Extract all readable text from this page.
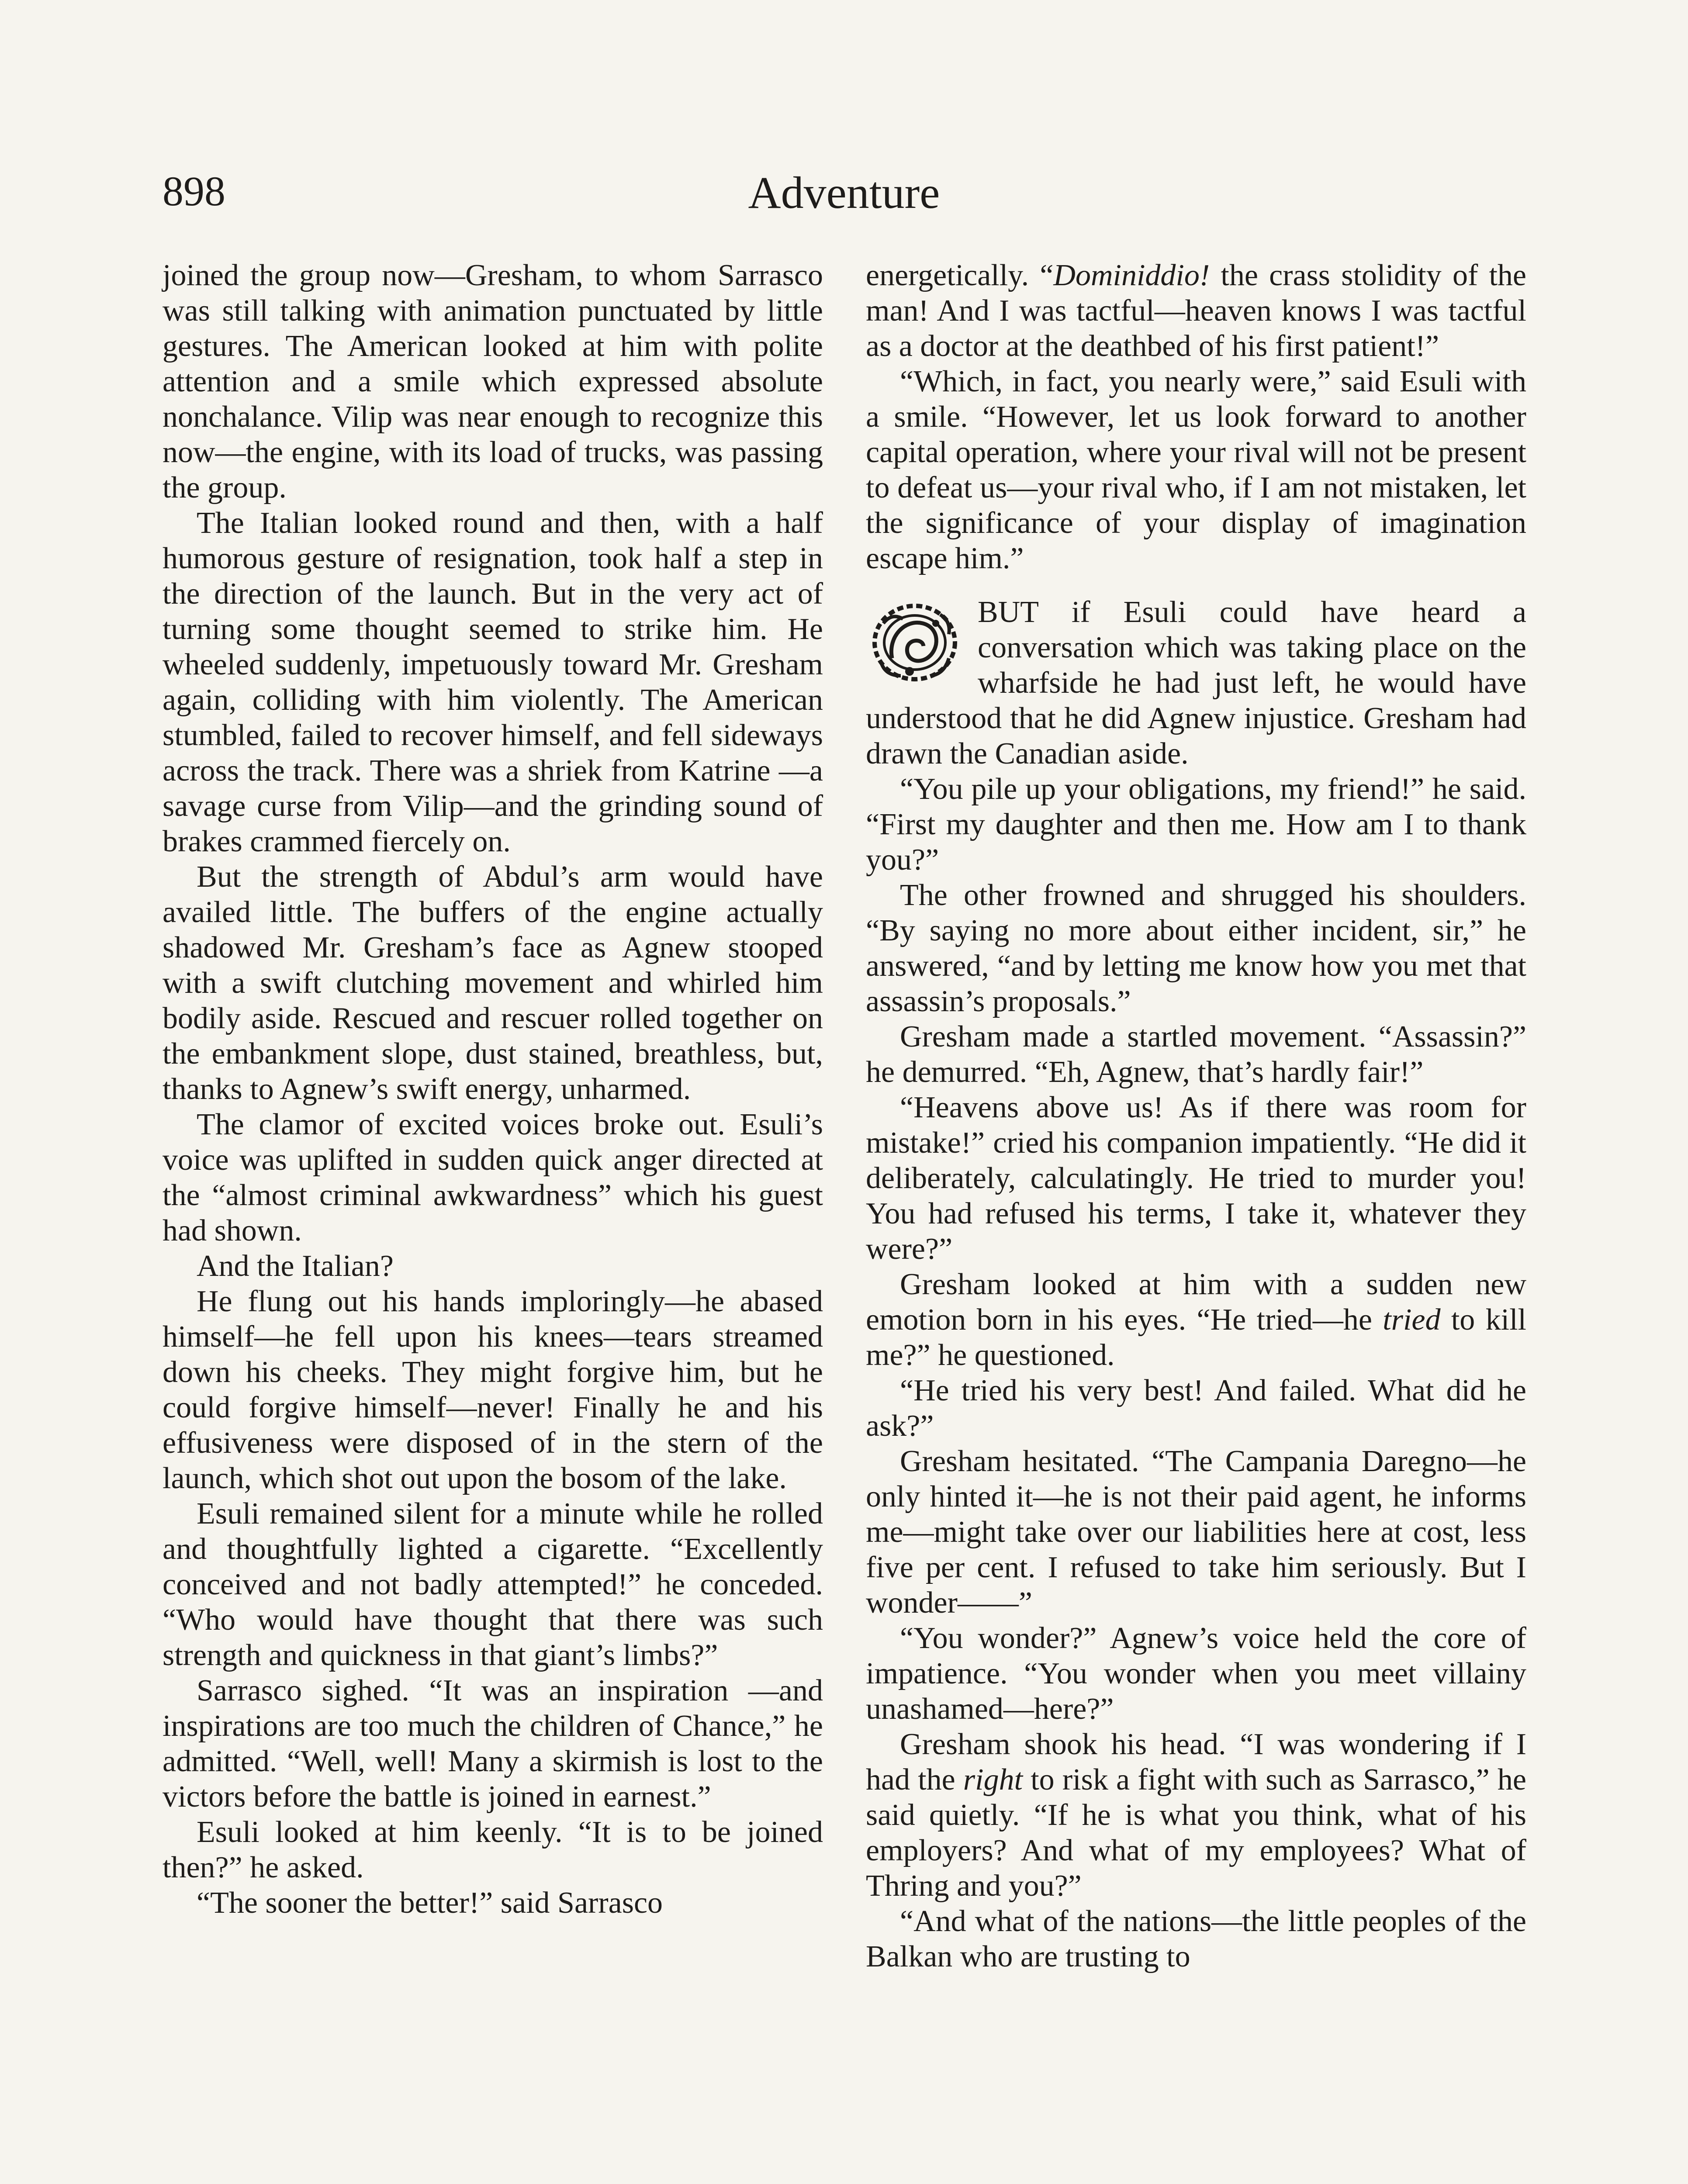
898	Adventure

joined the group now—Gresham, to whom Sarrasco was still talking with animation punctuated by little gestures. The American looked at him with polite attention and a smile which expressed absolute nonchalance. Vilip was near enough to recognize this now—the engine, with its load of trucks, was passing the group.

The Italian looked round and then, with a half humorous gesture of resignation, took half a step in the direction of the launch. But in the very act of turning some thought seemed to strike him. He wheeled suddenly, impetuously toward Mr. Gresham again, colliding with him violently. The American stumbled, failed to recover himself, and fell sideways across the track. There was a shriek from Katrine —a savage curse from Vilip—and the grinding sound of brakes crammed fiercely on.

But the strength of Abdul’s arm would have availed little. The buffers of the engine actually shadowed Mr. Gresham’s face as Agnew stooped with a swift clutching movement and whirled him bodily aside. Rescued and rescuer rolled together on the embankment slope, dust stained, breathless, but, thanks to Agnew’s swift energy, unharmed.

The clamor of excited voices broke out. Esuli’s voice was uplifted in sudden quick anger directed at the “almost criminal awkwardness” which his guest had shown.

And the Italian?

He flung out his hands imploringly—he abased himself—he fell upon his knees—tears streamed down his cheeks. They might forgive him, but he could forgive himself—never! Finally he and his effusiveness were disposed of in the stern of the launch, which shot out upon the bosom of the lake.

Esuli remained silent for a minute while he rolled and thoughtfully lighted a cigarette. “Excellently conceived and not badly attempted!” he conceded. “Who would have thought that there was such strength and quickness in that giant’s limbs?”

Sarrasco sighed. “It was an inspiration —and inspirations are too much the children of Chance,” he admitted. “Well, well! Many a skirmish is lost to the victors before the battle is joined in earnest.”

Esuli looked at him keenly. “It is to be joined then?” he asked.

“The sooner the better!” said Sarrasco

energetically. “Dominiddio! the crass stolidity of the man! And I was tactful—heaven knows I was tactful as a doctor at the deathbed of his first patient!”

“Which, in fact, you nearly were,” said Esuli with a smile. “However, let us look forward to another capital operation, where your rival will not be present to defeat us—your rival who, if I am not mistaken, let the significance of your display of imagination escape him.”

BUT if Esuli could have heard a conversation which was taking place on the wharfside he had just left, he would have understood that he did Agnew injustice. Gresham had drawn the Canadian aside.

“You pile up your obligations, my friend!” he said. “First my daughter and then me. How am I to thank you?”

The other frowned and shrugged his shoulders. “By saying no more about either incident, sir,” he answered, “and by letting me know how you met that assassin’s proposals.”

Gresham made a startled movement. “Assassin?” he demurred. “Eh, Agnew, that’s hardly fair!”

“Heavens above us! As if there was room for mistake!” cried his companion impatiently. “He did it deliberately, calculatingly. He tried to murder you! You had refused his terms, I take it, whatever they were?”

Gresham looked at him with a sudden new emotion born in his eyes. “He tried—he tried to kill me?” he questioned.

“He tried his very best! And failed. What did he ask?”

Gresham hesitated. “The Campania Daregno—he only hinted it—he is not their paid agent, he informs me—might take over our liabilities here at cost, less five per cent. I refused to take him seriously. But I wonder——”

“You wonder?” Agnew’s voice held the core of impatience. “You wonder when you meet villainy unashamed—here?”

Gresham shook his head. “I was wondering if I had the right to risk a fight with such as Sarrasco,” he said quietly. “If he is what you think, what of his employers? And what of my employees? What of Thring and you?”

“And what of the nations—the little peoples of the Balkan who are trusting to
